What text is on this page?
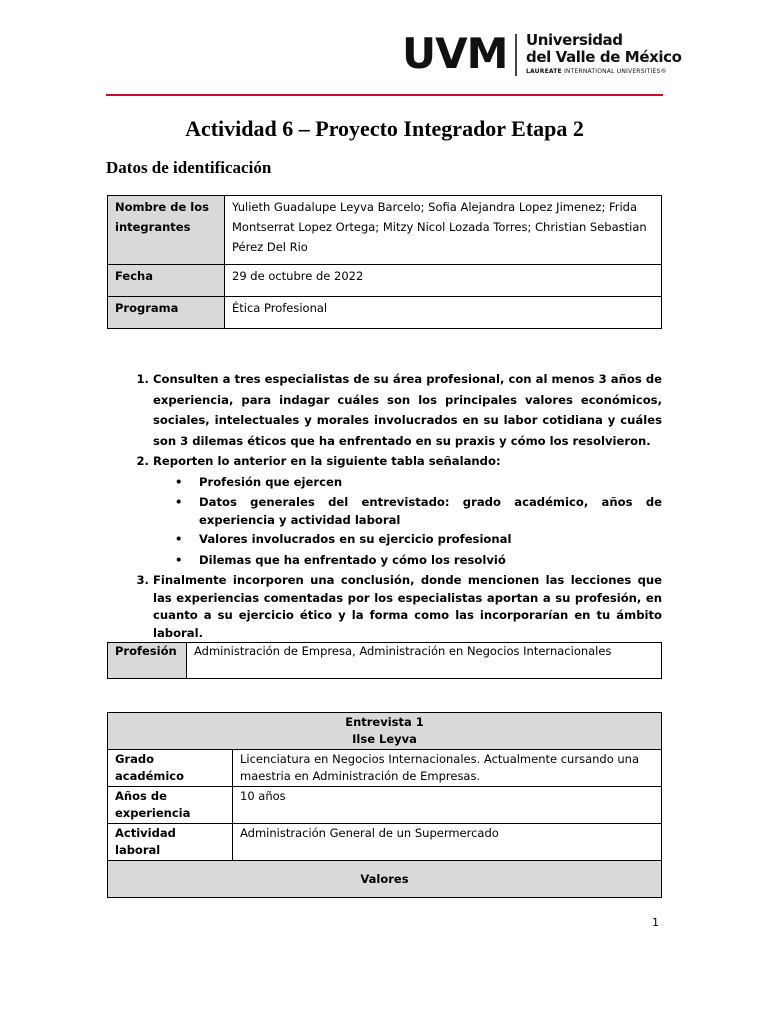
UVM Universidad
del Valle de México
LAUREATE INTERNATIONAL UNIVERSITIES®
Actividad 6 – Proyecto Integrador Etapa 2
Datos de identificación
Nombre de los integrantes	Yulieth Guadalupe Leyva Barcelo; Sofia Alejandra Lopez Jimenez; Frida Montserrat Lopez Ortega; Mitzy Nicol Lozada Torres; Christian Sebastian Pérez Del Rio
Fecha	29 de octubre de 2022
Programa	Ética Profesional
1. Consulten a tres especialistas de su área profesional, con al menos 3 años de experiencia, para indagar cuáles son los principales valores económicos, sociales, intelectuales y morales involucrados en su labor cotidiana y cuáles son 3 dilemas éticos que ha enfrentado en su praxis y cómo los resolvieron.
2. Reporten lo anterior en la siguiente tabla señalando:
• Profesión que ejercen
• Datos generales del entrevistado: grado académico, años de experiencia y actividad laboral
• Valores involucrados en su ejercicio profesional
• Dilemas que ha enfrentado y cómo los resolvió
3. Finalmente incorporen una conclusión, donde mencionen las lecciones que las experiencias comentadas por los especialistas aportan a su profesión, en cuanto a su ejercicio ético y la forma como las incorporarían en tu ámbito laboral.
Profesión	Administración de Empresa, Administración en Negocios Internacionales
Entrevista 1
Ilse Leyva	

Grado académico	Licenciatura en Negocios Internacionales. Actualmente cursando una maestria en Administración de Empresas.
Años de experiencia	10 años
Actividad laboral	Administración General de un Supermercado
Valores	
1
